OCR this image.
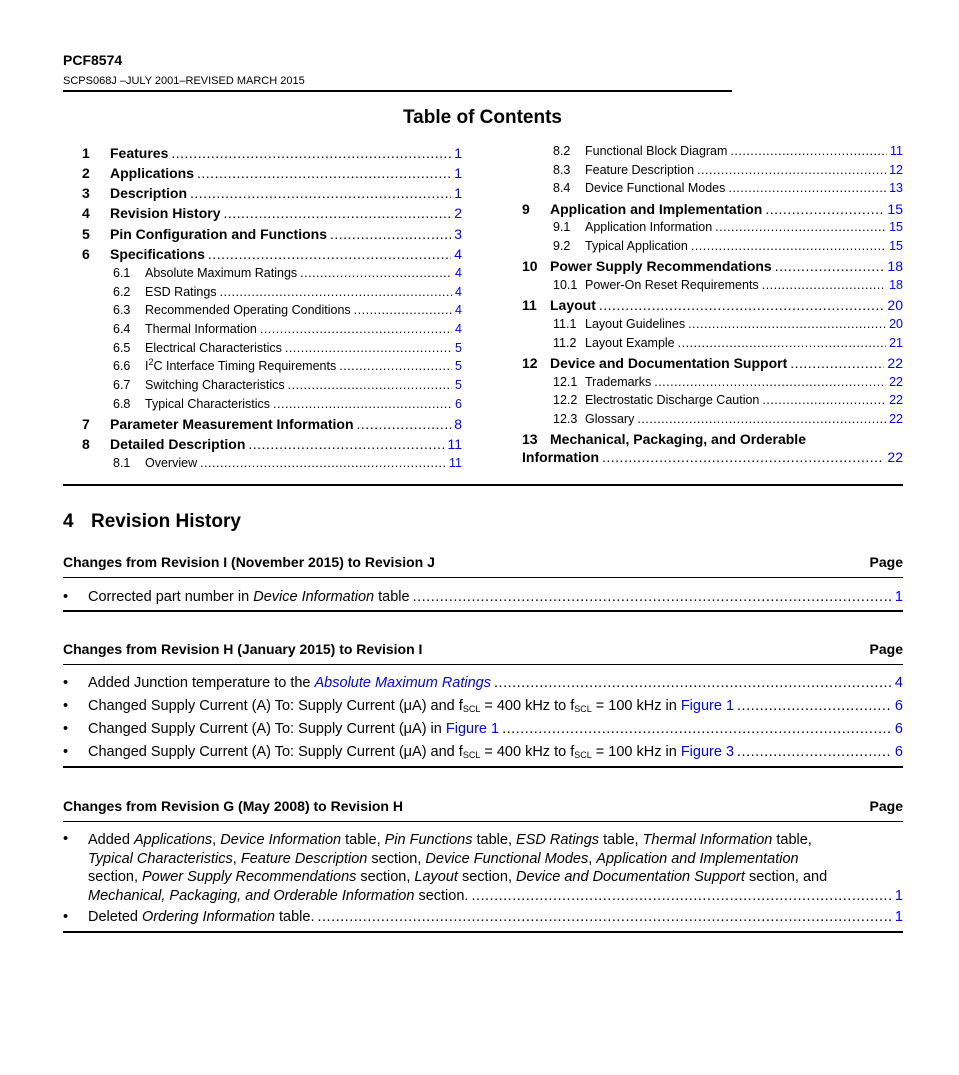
PCF8574
SCPS068J –JULY 2001–REVISED MARCH 2015
Table of Contents
1	Features .....	1
2	Applications .....	1
3	Description .....	1
4	Revision History .....	2
5	Pin Configuration and Functions .....	3
6	Specifications .....	4
6.1	Absolute Maximum Ratings .....	4
6.2	ESD Ratings .....	4
6.3	Recommended Operating Conditions .....	4
6.4	Thermal Information .....	4
6.5	Electrical Characteristics .....	5
6.6	$I^2C$ Interface Timing Requirements .....	5
6.7	Switching Characteristics .....	5
6.8	Typical Characteristics .....	6
7	Parameter Measurement Information .....	8
8	Detailed Description .....	11
8.1	Overview .....	11
8.2	Functional Block Diagram .....	11
8.3	Feature Description .....	12
8.4	Device Functional Modes .....	13
9	Application and Implementation .....	15
9.1	Application Information .....	15
9.2	Typical Application .....	15
10 Power Supply Recommendations .....	18
10.1 Power-On Reset Requirements .....	18
11 Layout .....	20
11.1 Layout Guidelines .....	20
11.2 Layout Example .....	21
12 Device and Documentation Support .....	22
12.1 Trademarks .....	22
12.2 Electrostatic Discharge Caution .....	22
12.3 Glossary .....	22
13 Mechanical, Packaging, and Orderable
Information .....	22
4 Revision History
Changes from Revision I (November 2015) to Revision J	Page
•	Corrected part number in Device Information table .....	1
Changes from Revision H (January 2015) to Revision I	Page
•	Added Junction temperature to the Absolute Maximum Ratings .....	4
•	Changed Supply Current (A) To: Supply Current (μA) and $f_{SCL} = 400$ kHz to $f_{SCL} = 100$ kHz in Figure 1 .....	6
•	Changed Supply Current (A) To: Supply Current (μA) in Figure 1 .....	6
•	Changed Supply Current (A) To: Supply Current (μA) and $f_{SCL} = 400$ kHz to $f_{SCL} = 100$ kHz in Figure 3 .....	6
Changes from Revision G (May 2008) to Revision H	Page
• Added Applications, Device Information table, Pin Functions table, ESD Ratings table, Thermal Information table,
Typical Characteristics, Feature Description section, Device Functional Modes, Application and Implementation
section, Power Supply Recommendations section, Layout section, Device and Documentation Support section, and
Mechanical, Packaging, and Orderable Information section. .....	1
•	Deleted Ordering Information table. .....	1
